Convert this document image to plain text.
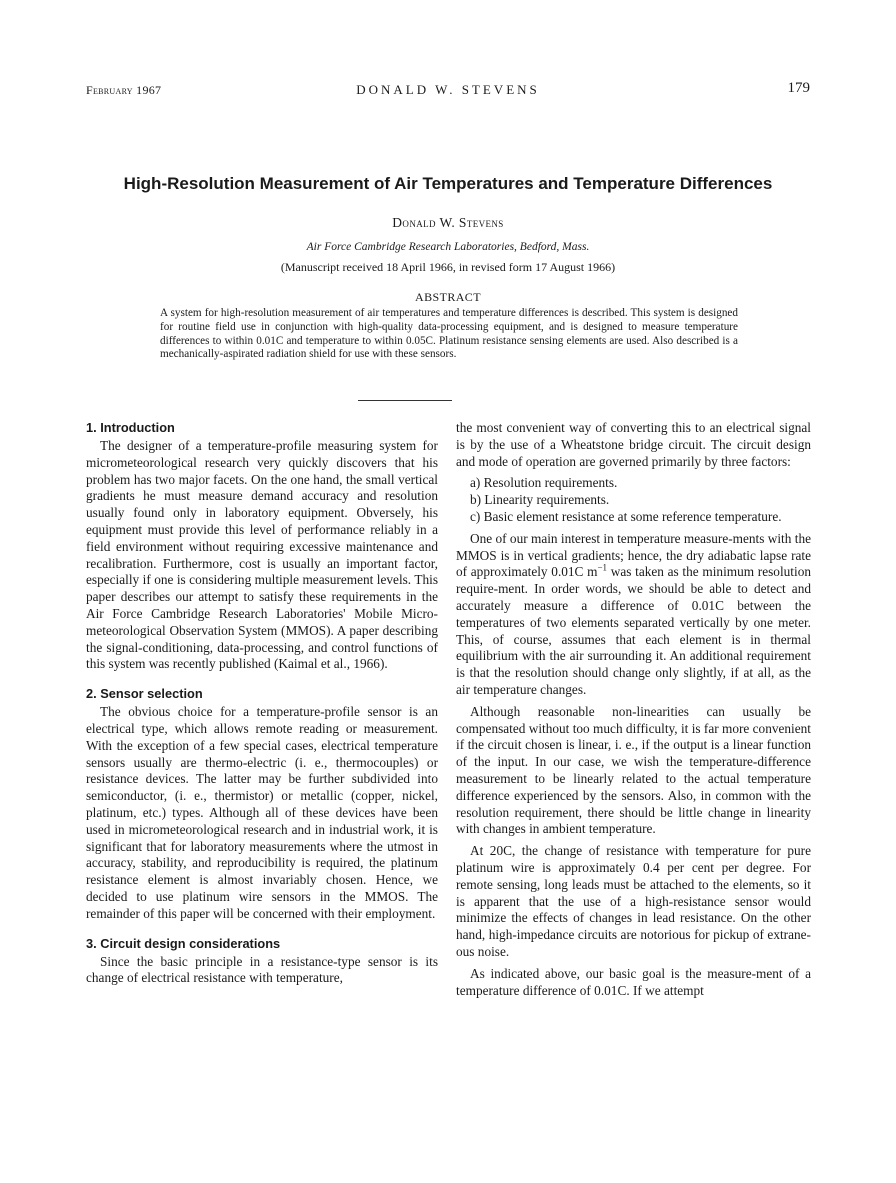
February 1967	DONALD W. STEVENS	179
High-Resolution Measurement of Air Temperatures and Temperature Differences
Donald W. Stevens
Air Force Cambridge Research Laboratories, Bedford, Mass.
(Manuscript received 18 April 1966, in revised form 17 August 1966)
ABSTRACT
A system for high-resolution measurement of air temperatures and temperature differences is described. This system is designed for routine field use in conjunction with high-quality data-processing equipment, and is designed to measure temperature differences to within 0.01C and temperature to within 0.05C. Platinum resistance sensing elements are used. Also described is a mechanically-aspirated radiation shield for use with these sensors.
1. Introduction

The designer of a temperature-profile measuring system for micrometeorological research very quickly discovers that his problem has two major facets. On the one hand, the small vertical gradients he must measure demand accuracy and resolution usually found only in laboratory equipment. Obversely, his equipment must provide this level of performance reliably in a field environment without requiring excessive maintenance and recalibration. Furthermore, cost is usually an important factor, especially if one is considering multiple measurement levels. This paper describes our attempt to satisfy these requirements in the Air Force Cambridge Research Laboratories' Mobile Micro-meteorological Observation System (MMOS). A paper describing the signal-conditioning, data-processing, and control functions of this system was recently published (Kaimal et al., 1966).

2. Sensor selection

The obvious choice for a temperature-profile sensor is an electrical type, which allows remote reading or measurement. With the exception of a few special cases, electrical temperature sensors usually are thermo-electric (i. e., thermocouples) or resistance devices. The latter may be further subdivided into semiconductor, (i. e., thermistor) or metallic (copper, nickel, platinum, etc.) types. Although all of these devices have been used in micrometeorological research and in industrial work, it is significant that for laboratory measurements where the utmost in accuracy, stability, and reproducibility is required, the platinum resistance element is almost invariably chosen. Hence, we decided to use platinum wire sensors in the MMOS. The remainder of this paper will be concerned with their employment.

3. Circuit design considerations

Since the basic principle in a resistance-type sensor is its change of electrical resistance with temperature,

the most convenient way of converting this to an electrical signal is by the use of a Wheatstone bridge circuit. The circuit design and mode of operation are governed primarily by three factors:

a) Resolution requirements.

b) Linearity requirements.

c) Basic element resistance at some reference temperature.

One of our main interest in temperature measure-ments with the MMOS is in vertical gradients; hence, the dry adiabatic lapse rate of approximately 0.01C $m^{-1}$ was taken as the minimum resolution require-ment. In order words, we should be able to detect and accurately measure a difference of 0.01C between the temperatures of two elements separated vertically by one meter. This, of course, assumes that each element is in thermal equilibrium with the air surrounding it. An additional requirement is that the resolution should change only slightly, if at all, as the air temperature changes.

Although reasonable non-linearities can usually be compensated without too much difficulty, it is far more convenient if the circuit chosen is linear, i. e., if the output is a linear function of the input. In our case, we wish the temperature-difference measurement to be linearly related to the actual temperature difference experienced by the sensors. Also, in common with the resolution requirement, there should be little change in linearity with changes in ambient temperature.

At 20C, the change of resistance with temperature for pure platinum wire is approximately 0.4 per cent per degree. For remote sensing, long leads must be attached to the elements, so it is apparent that the use of a high-resistance sensor would minimize the effects of changes in lead resistance. On the other hand, high-impedance circuits are notorious for pickup of extrane-ous noise.

As indicated above, our basic goal is the measure-ment of a temperature difference of 0.01C. If we attempt
